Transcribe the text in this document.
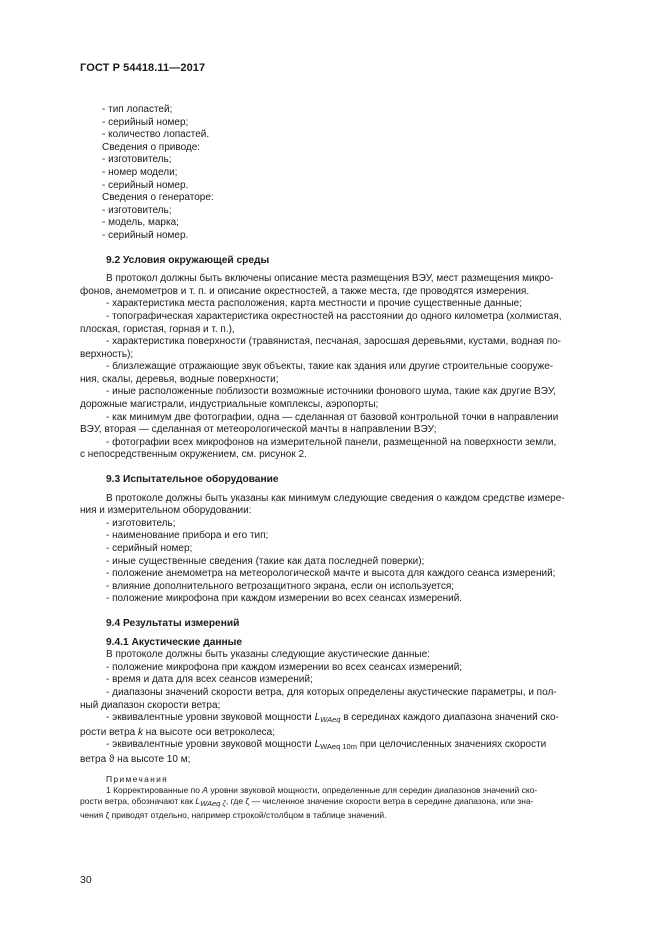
ГОСТ Р 54418.11—2017
- тип лопастей;
- серийный номер;
- количество лопастей.
Сведения о приводе:
- изготовитель;
- номер модели;
- серийный номер.
Сведения о генераторе:
- изготовитель;
- модель, марка;
- серийный номер.
9.2 Условия окружающей среды
В протокол должны быть включены описание места размещения ВЭУ, мест размещения микро-
фонов, анемометров и т. п. и описание окрестностей, а также места, где проводятся измерения.
- характеристика места расположения, карта местности и прочие существенные данные;
- топографическая характеристика окрестностей на расстоянии до одного километра (холмистая,
плоская, гористая, горная и т. п.),
- характеристика поверхности (травянистая, песчаная, заросшая деревьями, кустами, водная по-
верхность);
- близлежащие отражающие звук объекты, такие как здания или другие строительные сооруже-
ния, скалы, деревья, водные поверхности;
- иные расположенные поблизости возможные источники фонового шума, такие как другие ВЭУ,
дорожные магистрали, индустриальные комплексы, аэропорты;
- как минимум две фотографии, одна — сделанная от базовой контрольной точки в направлении
ВЭУ, вторая — сделанная от метеорологической мачты в направлении ВЭУ;
- фотографии всех микрофонов на измерительной панели, размещенной на поверхности земли,
с непосредственным окружением, см. рисунок 2.
9.3 Испытательное оборудование
В протоколе должны быть указаны как минимум следующие сведения о каждом средстве измере-
ния и измерительном оборудовании:
- изготовитель;
- наименование прибора и его тип;
- серийный номер;
- иные существенные сведения (такие как дата последней поверки);
- положение анемометра на метеорологической мачте и высота для каждого сеанса измерений;
- влияние дополнительного ветрозащитного экрана, если он используется;
- положение микрофона при каждом измерении во всех сеансах измерений.
9.4 Результаты измерений
9.4.1 Акустические данные
В протоколе должны быть указаны следующие акустические данные:
- положение микрофона при каждом измерении во всех сеансах измерений;
- время и дата для всех сеансов измерений;
- диапазоны значений скорости ветра, для которых определены акустические параметры, и пол-
ный диапазон скорости ветра;
- эквивалентные уровни звуковой мощности $L_{WAeq}$ в серединах каждого диапазона значений ско-
рости ветра k на высоте оси ветроколеса;
- эквивалентные уровни звуковой мощности $L_{WAeq 10m}$ при целочисленных значениях скорости
ветра ϑ на высоте 10 м;
Примечания
1 Корректированные по A уровни звуковой мощности, определенные для середин диапазонов значений ско-
рости ветра, обозначают как LWAeq ζ, где ζ — численное значение скорости ветра в середине диапазона, или зна-
чения ζ приводят отдельно, например строкой/столбцом в таблице значений.
30
